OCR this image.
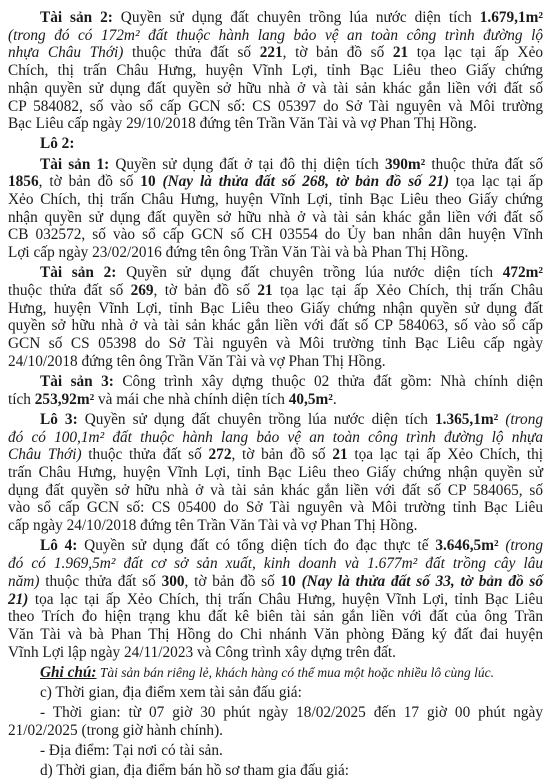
Tài sản 2: Quyền sử dụng đất chuyên trồng lúa nước diện tích 1.679,1m²
(trong đó có 172m² đất thuộc hành lang bảo vệ an toàn công trình đường lộ
nhựa Châu Thới) thuộc thửa đất số 221, tờ bản đồ số 21 tọa lạc tại ấp Xẻo
Chích, thị trấn Châu Hưng, huyện Vĩnh Lợi, tỉnh Bạc Liêu theo Giấy chứng
nhận quyền sử dụng đất quyền sở hữu nhà ở và tài sản khác gắn liền với đất số
CP 584082, số vào sổ cấp GCN số: CS 05397 do Sở Tài nguyên và Môi trường
Bạc Liêu cấp ngày 29/10/2018 đứng tên Trần Văn Tài và vợ Phan Thị Hồng.
Lô 2:
Tài sản 1: Quyền sử dụng đất ở tại đô thị diện tích 390m² thuộc thửa đất số
1856, tờ bản đồ số 10 (Nay là thửa đất số 268, tờ bản đồ số 21) tọa lạc tại ấp
Xẻo Chích, thị trấn Châu Hưng, huyện Vĩnh Lợi, tỉnh Bạc Liêu theo Giấy chứng
nhận quyền sử dụng đất quyền sở hữu nhà ở và tài sản khác gắn liền với đất số
CB 032572, số vào sổ cấp GCN số CH 03554 do Ủy ban nhân dân huyện Vĩnh
Lợi cấp ngày 23/02/2016 đứng tên ông Trần Văn Tài và bà Phan Thị Hồng.
Tài sản 2: Quyền sử dụng đất chuyên trồng lúa nước diện tích 472m²
thuộc thửa đất số 269, tờ bản đồ số 21 tọa lạc tại ấp Xẻo Chích, thị trấn Châu
Hưng, huyện Vĩnh Lợi, tỉnh Bạc Liêu theo Giấy chứng nhận quyền sử dụng đất
quyền sở hữu nhà ở và tài sản khác gắn liền với đất số CP 584063, số vào sổ cấp
GCN số CS 05398 do Sở Tài nguyên và Môi trường tỉnh Bạc Liêu cấp ngày
24/10/2018 đứng tên ông Trần Văn Tài và vợ Phan Thị Hồng.
Tài sản 3: Công trình xây dựng thuộc 02 thửa đất gồm: Nhà chính diện
tích 253,92m² và mái che nhà chính diện tích 40,5m².
Lô 3: Quyền sử dụng đất chuyên trồng lúa nước diện tích 1.365,1m² (trong
đó có 100,1m² đất thuộc hành lang bảo vệ an toàn công trình đường lộ nhựa
Châu Thới) thuộc thửa đất số 272, tờ bản đồ số 21 tọa lạc tại ấp Xẻo Chích, thị
trấn Châu Hưng, huyện Vĩnh Lợi, tỉnh Bạc Liêu theo Giấy chứng nhận quyền sử
dụng đất quyền sở hữu nhà ở và tài sản khác gắn liền với đất số CP 584065, số
vào sổ cấp GCN số: CS 05400 do Sở Tài nguyên và Môi trường tỉnh Bạc Liêu
cấp ngày 24/10/2018 đứng tên Trần Văn Tài và vợ Phan Thị Hồng.
Lô 4: Quyền sử dụng đất có tổng diện tích đo đạc thực tế 3.646,5m² (trong
đó có 1.969,5m² đất cơ sở sản xuất, kinh doanh và 1.677m² đất trồng cây lâu
năm) thuộc thửa đất số 300, tờ bản đồ số 10 (Nay là thửa đất số 33, tờ bản đồ số
21) tọa lạc tại ấp Xẻo Chích, thị trấn Châu Hưng, huyện Vĩnh Lợi, tỉnh Bạc Liêu
theo Trích đo hiện trạng khu đất kê biên tài sản gắn liền với đất của ông Trần
Văn Tài và bà Phan Thị Hồng do Chi nhánh Văn phòng Đăng ký đất đai huyện
Vĩnh Lợi lập ngày 24/11/2023 và Công trình xây dựng trên đất.
Ghi chú: Tài sản bán riêng lẻ, khách hàng có thể mua một hoặc nhiều lô cùng lúc.
c) Thời gian, địa điểm xem tài sản đấu giá:
- Thời gian: từ 07 giờ 30 phút ngày 18/02/2025 đến 17 giờ 00 phút ngày
21/02/2025 (trong giờ hành chính).
- Địa điểm: Tại nơi có tài sản.
d) Thời gian, địa điểm bán hồ sơ tham gia đấu giá:
